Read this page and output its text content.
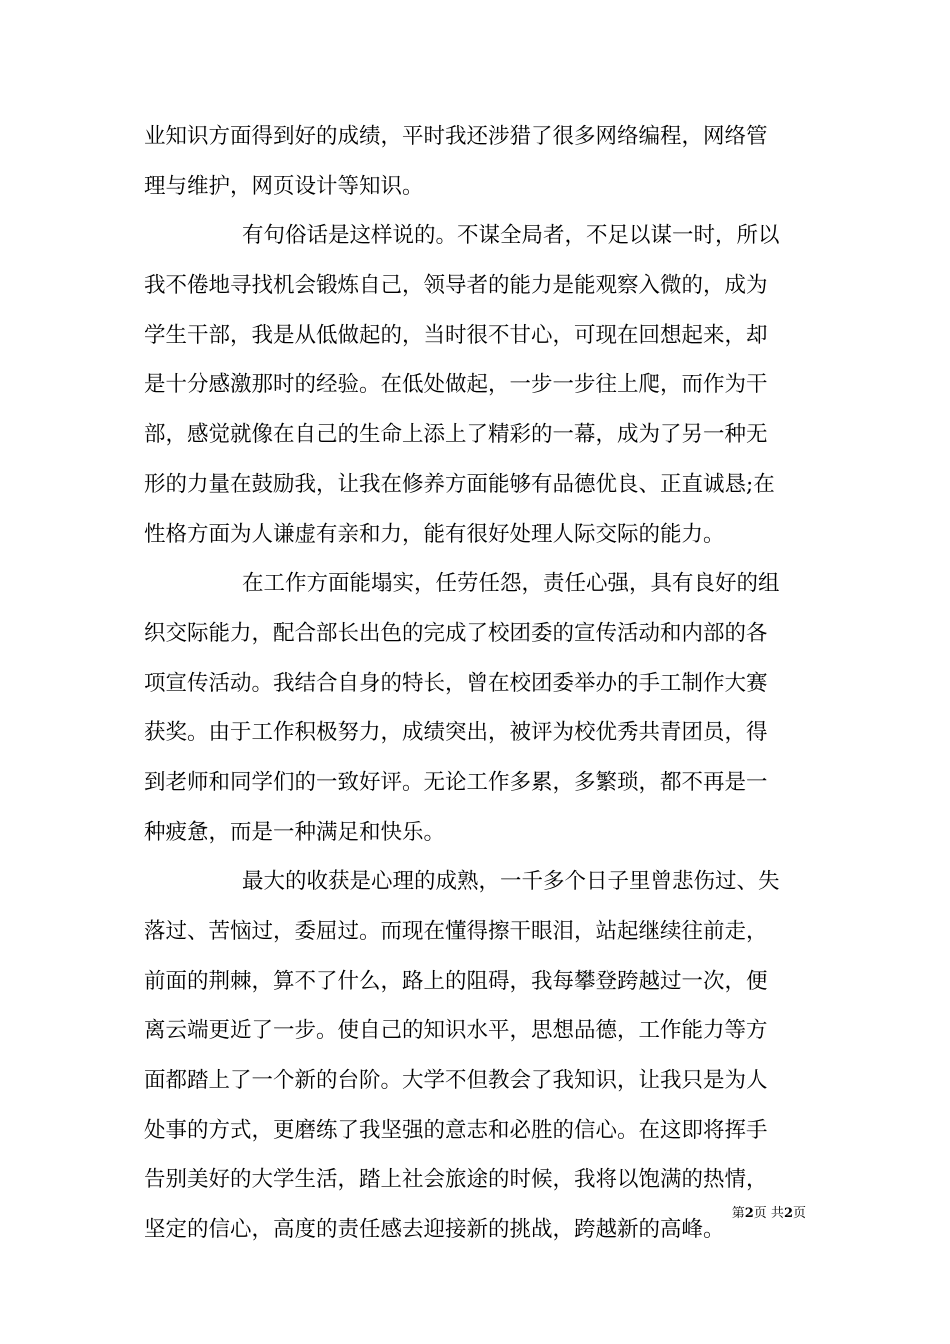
业知识方面得到好的成绩，平时我还涉猎了很多网络编程，网络管
理与维护，网页设计等知识。
有句俗话是这样说的。不谋全局者，不足以谋一时，所以
我不倦地寻找机会锻炼自己，领导者的能力是能观察入微的，成为
学生干部，我是从低做起的，当时很不甘心，可现在回想起来，却
是十分感激那时的经验。在低处做起，一步一步往上爬，而作为干
部，感觉就像在自己的生命上添上了精彩的一幕，成为了另一种无
形的力量在鼓励我，让我在修养方面能够有品德优良、正直诚恳;在
性格方面为人谦虚有亲和力，能有很好处理人际交际的能力。
在工作方面能塌实，任劳任怨，责任心强，具有良好的组
织交际能力，配合部长出色的完成了校团委的宣传活动和内部的各
项宣传活动。我结合自身的特长，曾在校团委举办的手工制作大赛
获奖。由于工作积极努力，成绩突出，被评为校优秀共青团员，得
到老师和同学们的一致好评。无论工作多累，多繁琐，都不再是一
种疲惫，而是一种满足和快乐。
最大的收获是心理的成熟，一千多个日子里曾悲伤过、失
落过、苦恼过，委屈过。而现在懂得擦干眼泪，站起继续往前走，
前面的荆棘，算不了什么，路上的阻碍，我每攀登跨越过一次，便
离云端更近了一步。使自己的知识水平，思想品德，工作能力等方
面都踏上了一个新的台阶。大学不但教会了我知识，让我只是为人
处事的方式，更磨练了我坚强的意志和必胜的信心。在这即将挥手
告别美好的大学生活，踏上社会旅途的时候，我将以饱满的热情，
坚定的信心，高度的责任感去迎接新的挑战，跨越新的高峰。
第2页 共2页
